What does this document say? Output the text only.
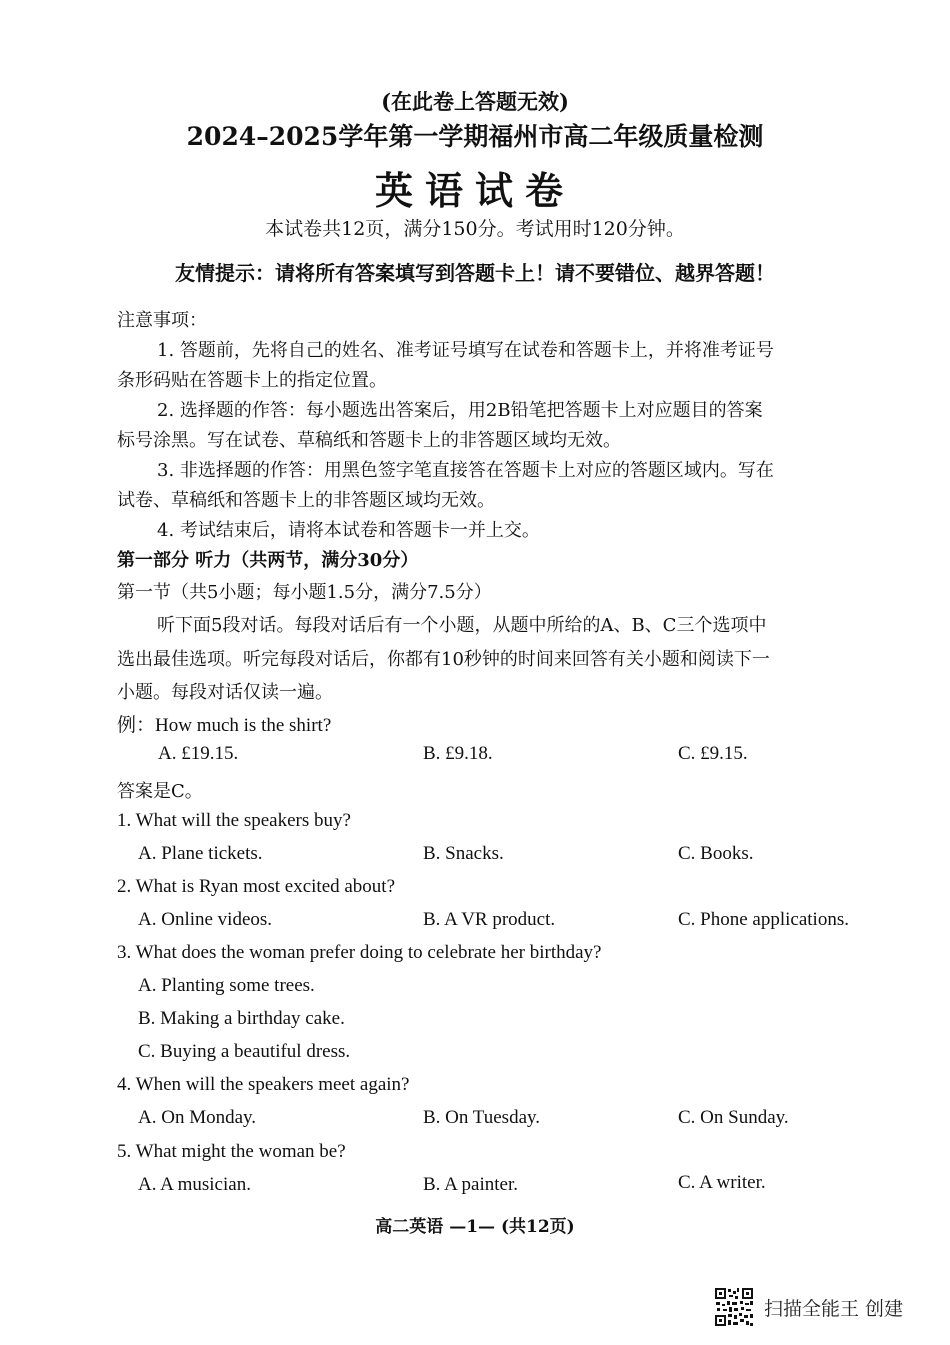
(在此卷上答题无效)
2024–2025学年第一学期福州市高二年级质量检测
英语试卷
本试卷共12页，满分150分。考试用时120分钟。
友情提示：请将所有答案填写到答题卡上！请不要错位、越界答题！
注意事项：
1. 答题前，先将自己的姓名、准考证号填写在试卷和答题卡上，并将准考证号
条形码贴在答题卡上的指定位置。
2. 选择题的作答：每小题选出答案后，用2B铅笔把答题卡上对应题目的答案
标号涂黑。写在试卷、草稿纸和答题卡上的非答题区域均无效。
3. 非选择题的作答：用黑色签字笔直接答在答题卡上对应的答题区域内。写在
试卷、草稿纸和答题卡上的非答题区域均无效。
4. 考试结束后，请将本试卷和答题卡一并上交。
第一部分 听力（共两节，满分30分）
第一节（共5小题；每小题1.5分，满分7.5分）
听下面5段对话。每段对话后有一个小题，从题中所给的A、B、C三个选项中
选出最佳选项。听完每段对话后，你都有10秒钟的时间来回答有关小题和阅读下一
小题。每段对话仅读一遍。
例：How much is the shirt?
A. £19.15.	B. £9.18.	C. £9.15.
答案是C。
1. What will the speakers buy?
A. Plane tickets.	B. Snacks.	C. Books.
2. What is Ryan most excited about?
A. Online videos.	B. A VR product.	C. Phone applications.
3. What does the woman prefer doing to celebrate her birthday?
A. Planting some trees.
B. Making a birthday cake.
C. Buying a beautiful dress.
4. When will the speakers meet again?
A. On Monday.	B. On Tuesday.	C. On Sunday.
5. What might the woman be?
A. A musician.	B. A painter.	C. A writer.
高二英语 —1— (共12页)
扫描全能王 创建
